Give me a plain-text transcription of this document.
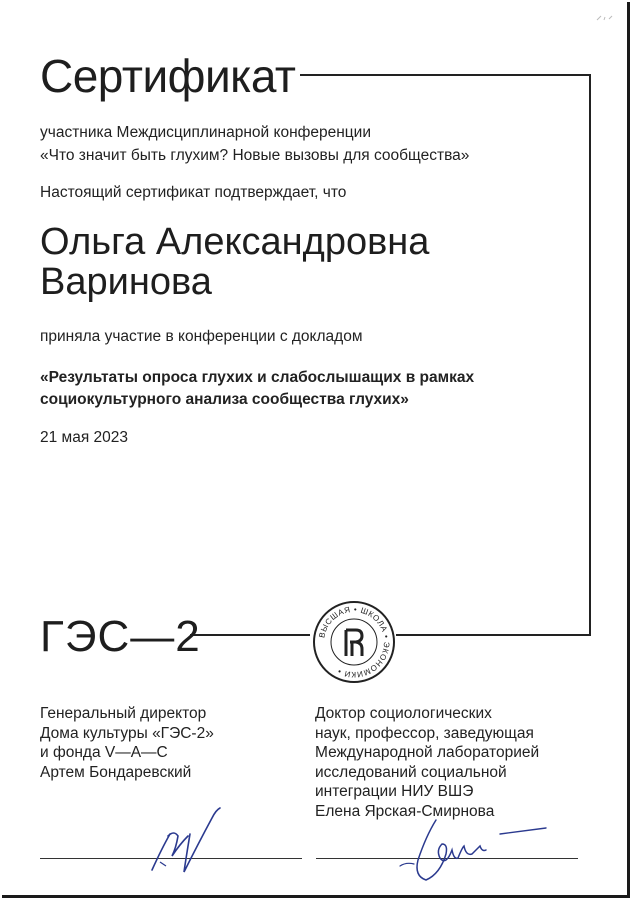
Сертификат
участника Междисциплинарной конференции
«Что значит быть глухим? Новые вызовы для сообщества»
Настоящий сертификат подтверждает, что
Ольга Александровна
Варинова
приняла участие в конференции с докладом
«Результаты опроса глухих и слабослышащих в рамках
социокультурного анализа сообщества глухих»
21 мая 2023
ГЭС—2	ВЫСШАЯ • ШКОЛА • ЭКОНОМИКИ •
Генеральный директор
Дома культуры «ГЭС-2»
и фонда V—A—C
Артем Бондаревский
Доктор социологических
наук, профессор, заведующая
Международной лабораторией
исследований социальной
интеграции НИУ ВШЭ
Елена Ярская-Смирнова
